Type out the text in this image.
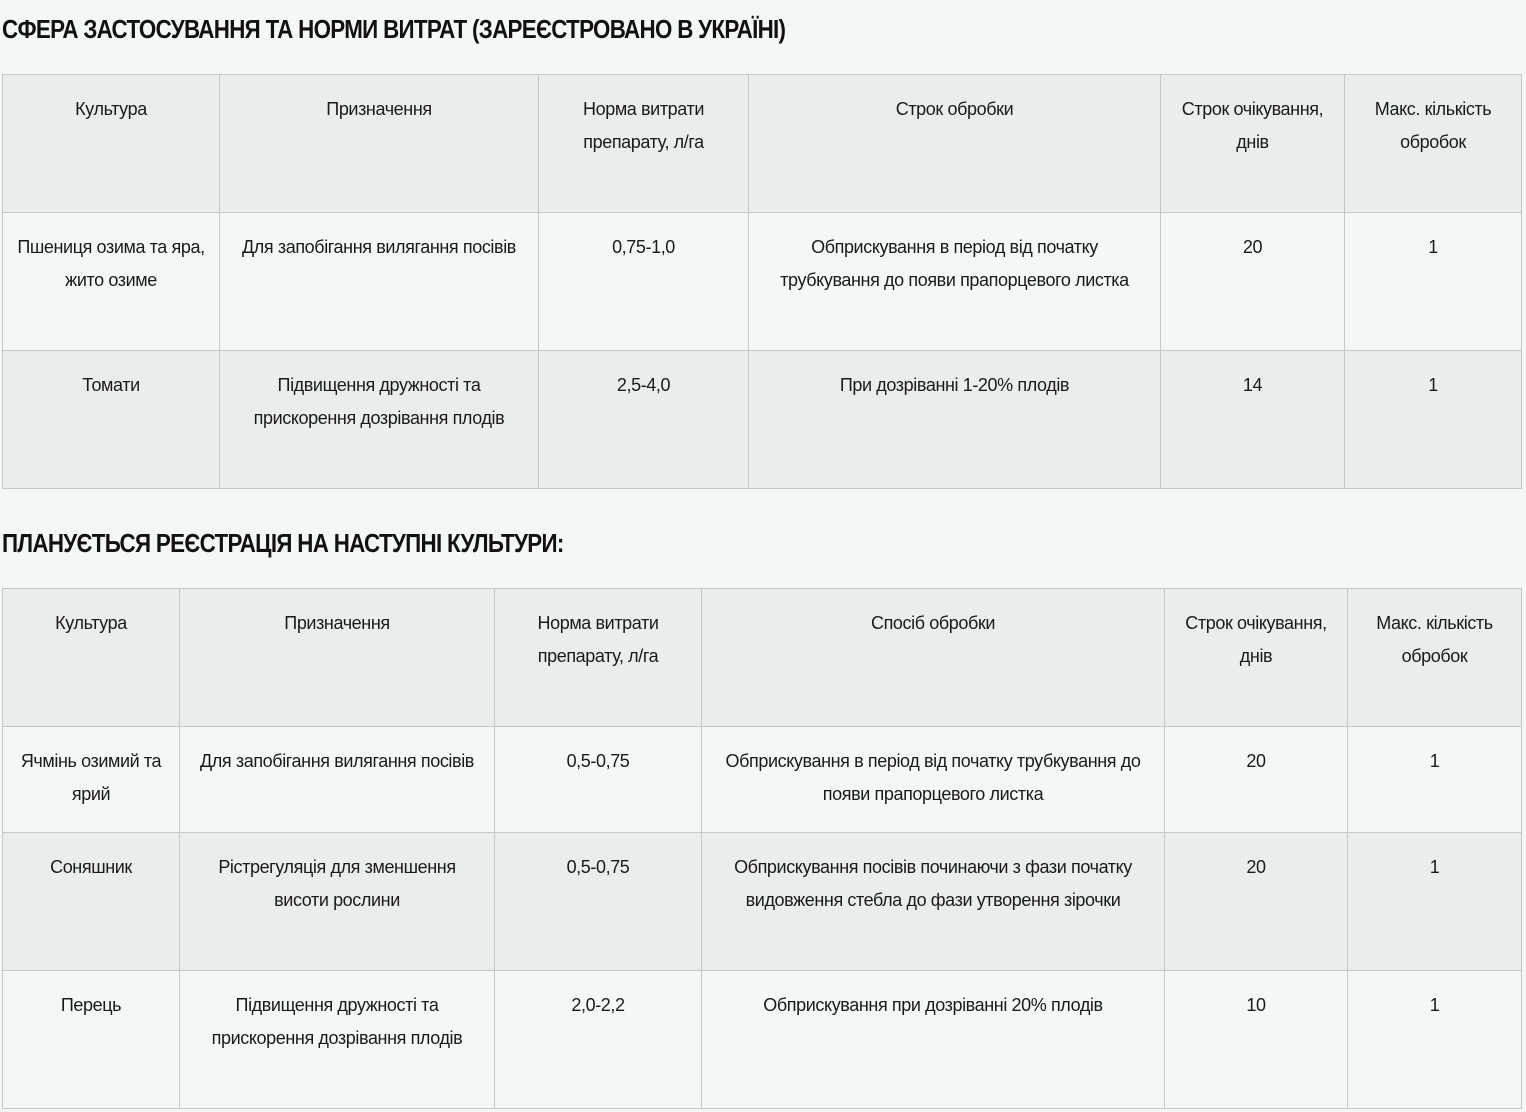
СФЕРА ЗАСТОСУВАННЯ ТА НОРМИ ВИТРАТ (ЗАРЕЄСТРОВАНО В УКРАЇНІ)
Культура	Призначення	Норма витрати препарату, л/га	Строк обробки	Строк очікування, днів	Макс. кількість обробок
Пшениця озима та яра, жито озиме	Для запобігання вилягання посівів	0,75-1,0	Обприскування в період від початку трубкування до появи прапорцевого листка	20	1
Томати	Підвищення дружності та прискорення дозрівання плодів	2,5-4,0	При дозріванні 1-20% плодів	14	1
ПЛАНУЄТЬСЯ РЕЄСТРАЦІЯ НА НАСТУПНІ КУЛЬТУРИ:
Культура	Призначення	Норма витрати препарату, л/га	Спосіб обробки	Строк очікування, днів	Макс. кількість обробок
Ячмінь озимий та ярий	Для запобігання вилягання посівів	0,5-0,75	Обприскування в період від початку трубкування до появи прапорцевого листка	20	1
Соняшник	Рістрегуляція для зменшення висоти рослини	0,5-0,75	Обприскування посівів починаючи з фази початку видовження стебла до фази утворення зірочки	20	1
Перець	Підвищення дружності та прискорення дозрівання плодів	2,0-2,2	Обприскування при дозріванні 20% плодів	10	1
